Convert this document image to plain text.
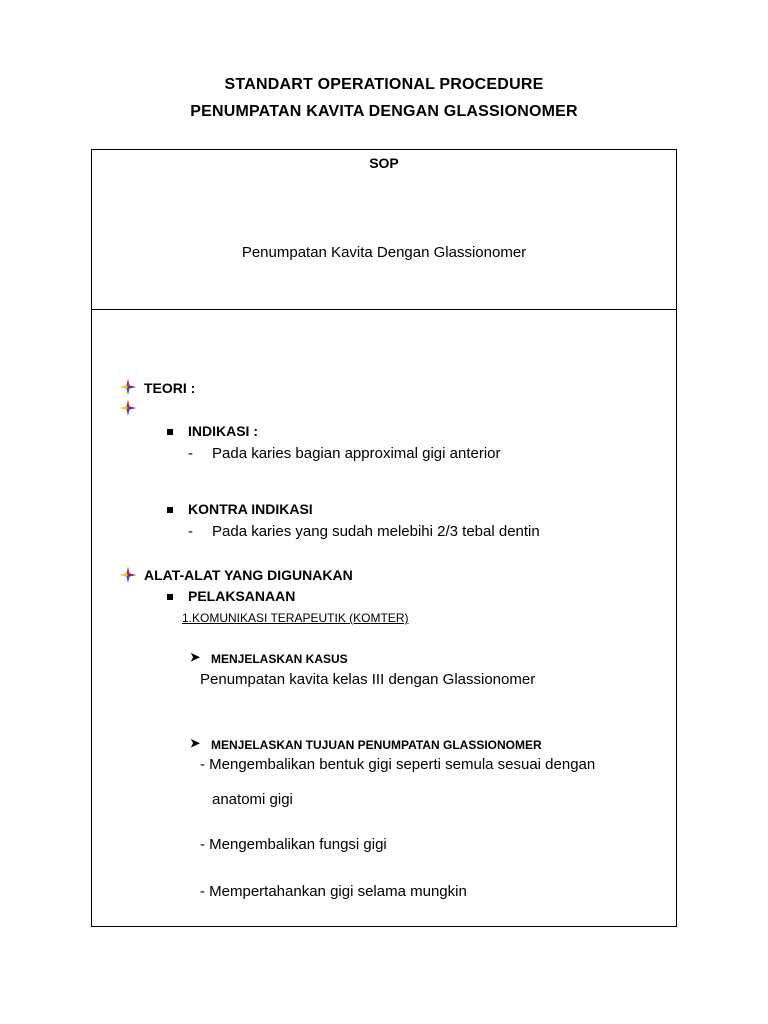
STANDART OPERATIONAL PROCEDURE
PENUMPATAN KAVITA DENGAN GLASSIONOMER
SOP
Penumpatan Kavita Dengan Glassionomer
TEORI :
INDIKASI :
- Pada karies bagian approximal gigi anterior
KONTRA INDIKASI
- Pada karies yang sudah melebihi 2/3 tebal dentin
ALAT-ALAT YANG DIGUNAKAN
PELAKSANAAN
1.KOMUNIKASI TERAPEUTIK (KOMTER)
➤ MENJELASKAN KASUS
Penumpatan kavita kelas III dengan Glassionomer
➤ MENJELASKAN TUJUAN PENUMPATAN GLASSIONOMER
- Mengembalikan bentuk gigi seperti semula sesuai dengan
anatomi gigi
- Mengembalikan fungsi gigi
- Mempertahankan gigi selama mungkin
